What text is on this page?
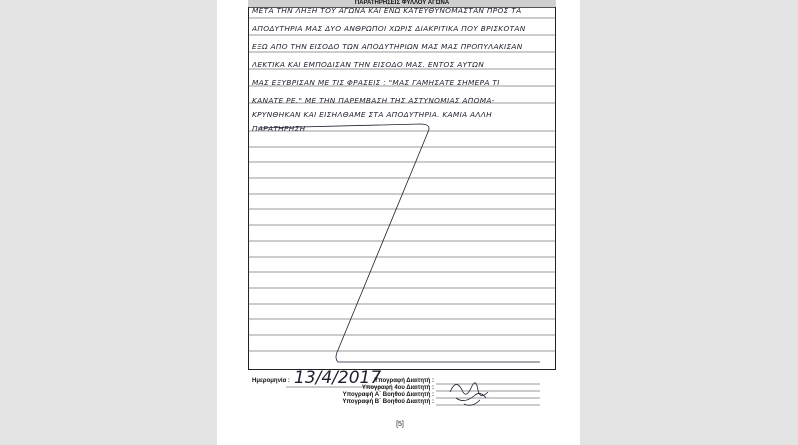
ΠΑΡΑΤΗΡΗΣΕΙΣ ΦΥΛΛΟΥ ΑΓΩΝΑ
ΜΕΤΑ ΤΗΝ ΛΗΞΗ ΤΟΥ ΑΓΩΝΑ ΚΑΙ ΕΝΩ ΚΑΤΕΥΘΥΝΟΜΑΣΤΑΝ ΠΡΟΣ ΤΑ
ΑΠΟΔΥΤΗΡΙΑ ΜΑΣ ΔΥΟ ΑΝΘΡΩΠΟΙ ΧΩΡΙΣ ΔΙΑΚΡΙΤΙΚΑ ΠΟΥ ΒΡΙΣΚΟΤΑΝ
ΕΞΩ ΑΠΟ ΤΗΝ ΕΙΣΟΔΟ ΤΩΝ ΑΠΟΔΥΤΗΡΙΩΝ ΜΑΣ ΜΑΣ ΠΡΟΠΥΛΑΚΙΣΑΝ
ΛΕΚΤΙΚΑ ΚΑΙ ΕΜΠΟΔΙΣΑΝ ΤΗΝ ΕΙΣΟΔΟ ΜΑΣ. ΕΝΤΟΣ ΑΥΤΩΝ
ΜΑΣ ΕΞΥΒΡΙΣΑΝ ΜΕ ΤΙΣ ΦΡΑΣΕΙΣ : "ΜΑΣ ΓΑΜΗΣΑΤΕ ΣΗΜΕΡΑ ΤΙ
ΚΑΝΑΤΕ ΡΕ." ΜΕ ΤΗΝ ΠΑΡΕΜΒΑΣΗ ΤΗΣ ΑΣΤΥΝΟΜΙΑΣ ΑΠΟΜΑ-
ΚΡΥΝΘΗΚΑΝ ΚΑΙ ΕΙΣΗΛΘΑΜΕ ΣΤΑ ΑΠΟΔΥΤΗΡΙΑ. ΚΑΜΙΑ ΑΛΛΗ
ΠΑΡΑΤΗΡΗΣΗ
Ημερομηνία : 13/4/2017
Υπογραφή Διαιτητή :
Υπογραφή 4ου Διαιτητή :
Υπογραφή Α΄ Βοηθού Διαιτητή :
Υπογραφή Β΄ Βοηθού Διαιτητή :
[5]
